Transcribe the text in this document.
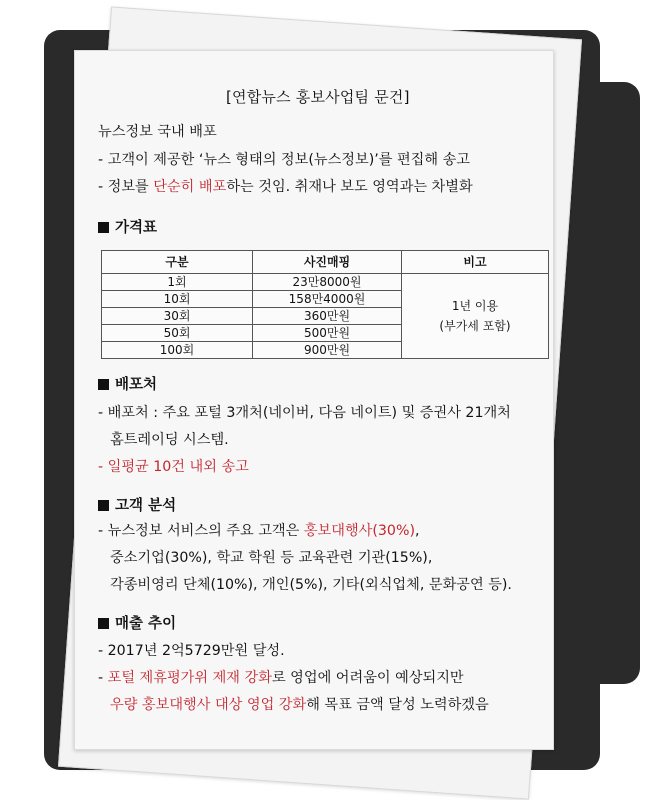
[연합뉴스 홍보사업팀 문건]
뉴스정보 국내 배포
- 고객이 제공한 ‘뉴스 형태의 정보(뉴스정보)’를 편집해 송고
- 정보를 단순히 배포하는 것임. 취재나 보도 영역과는 차별화
가격표
구분	사진매핑	비고
1회	23만8000원	1년 이용
(부가세 포함)

10회	158만4000원	
30회	360만원	
50회	500만원	
100회	900만원	
배포처
- 배포처 : 주요 포털 3개처(네이버, 다음 네이트) 및 증권사 21개처
홈트레이딩 시스템.
- 일평균 10건 내외 송고
고객 분석
- 뉴스정보 서비스의 주요 고객은 홍보대행사(30%),
중소기업(30%), 학교 학원 등 교육관련 기관(15%),
각종비영리 단체(10%), 개인(5%), 기타(외식업체, 문화공연 등).
매출 추이
- 2017년 2억5729만원 달성.
- 포털 제휴평가위 제재 강화로 영업에 어려움이 예상되지만
우량 홍보대행사 대상 영업 강화해 목표 금액 달성 노력하겠음
